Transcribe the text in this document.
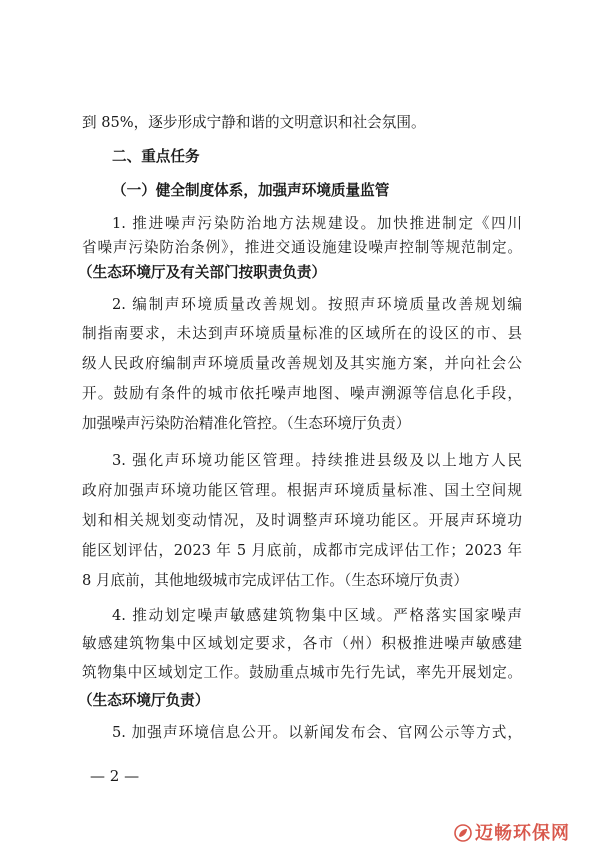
到 85%，逐步形成宁静和谐的文明意识和社会氛围。
二、重点任务
（一）健全制度体系，加强声环境质量监管
1. 推进噪声污染防治地方法规建设。加快推进制定《四川
省噪声污染防治条例》，推进交通设施建设噪声控制等规范制定。
（生态环境厅及有关部门按职责负责）
2. 编制声环境质量改善规划。按照声环境质量改善规划编
制指南要求，未达到声环境质量标准的区域所在的设区的市、县
级人民政府编制声环境质量改善规划及其实施方案，并向社会公
开。鼓励有条件的城市依托噪声地图、噪声溯源等信息化手段，
加强噪声污染防治精准化管控。（生态环境厅负责）
3. 强化声环境功能区管理。持续推进县级及以上地方人民
政府加强声环境功能区管理。根据声环境质量标准、国土空间规
划和相关规划变动情况，及时调整声环境功能区。开展声环境功
能区划评估，2023 年 5 月底前，成都市完成评估工作；2023 年
8 月底前，其他地级城市完成评估工作。（生态环境厅负责）
4. 推动划定噪声敏感建筑物集中区域。严格落实国家噪声
敏感建筑物集中区域划定要求，各市（州）积极推进噪声敏感建
筑物集中区域划定工作。鼓励重点城市先行先试，率先开展划定。
（生态环境厅负责）
5. 加强声环境信息公开。以新闻发布会、官网公示等方式，
— 2 —
迈畅环保网
